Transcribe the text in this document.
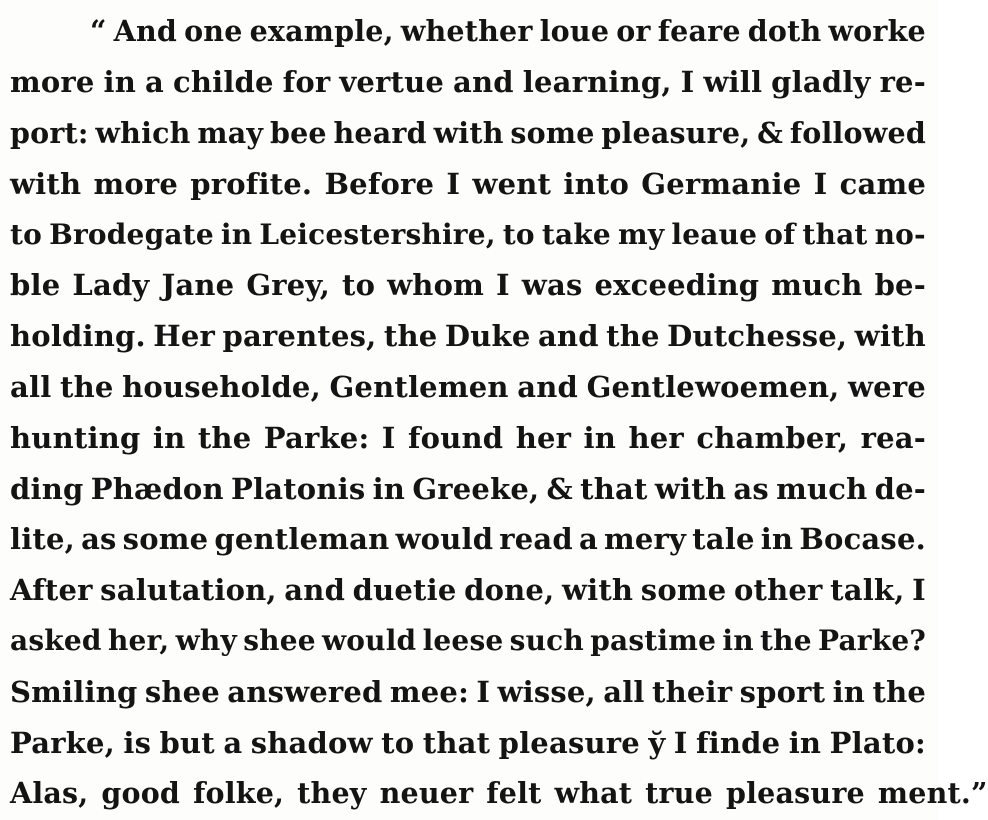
“ And one example, whether loue or feare doth worke
more in a childe for vertue and learning, I will gladly re-
port: which may bee heard with some pleasure, & followed
with more profite. Before I went into Germanie I came
to Brodegate in Leicestershire, to take my leaue of that no-
ble Lady Jane Grey, to whom I was exceeding much be-
holding. Her parentes, the Duke and the Dutchesse, with
all the householde, Gentlemen and Gentlewoemen, were
hunting in the Parke: I found her in her chamber, rea-
ding Phædon Platonis in Greeke, & that with as much de-
lite, as some gentleman would read a mery tale in Bocase.
After salutation, and duetie done, with some other talk, I
asked her, why shee would leese such pastime in the Parke?
Smiling shee answered mee: I wisse, all their sport in the
Parke, is but a shadow to that pleasure y̆ I finde in Plato:
Alas, good folke, they neuer felt what true pleasure ment.”
